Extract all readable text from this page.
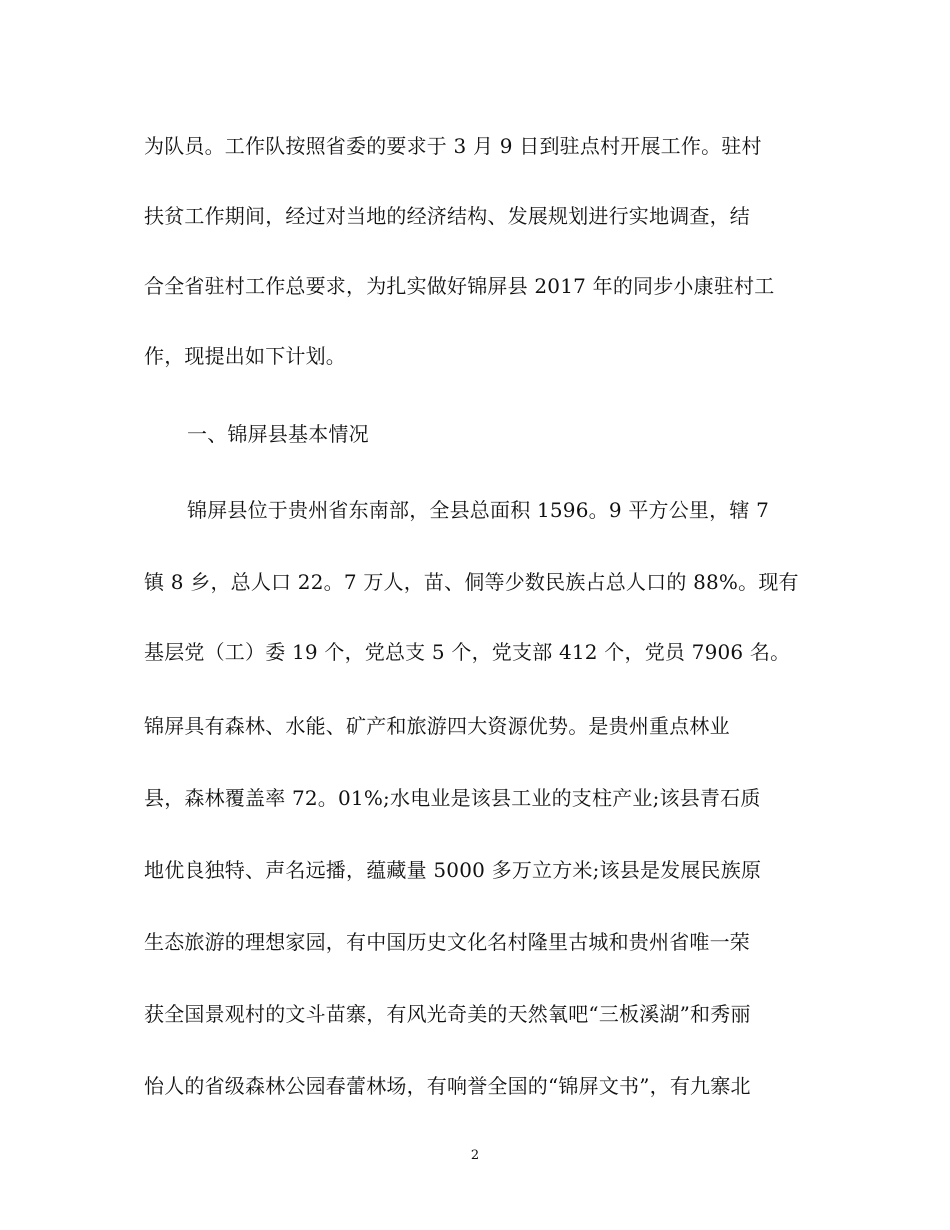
为队员。工作队按照省委的要求于 3 月 9 日到驻点村开展工作。驻村
扶贫工作期间，经过对当地的经济结构、发展规划进行实地调查，结
合全省驻村工作总要求，为扎实做好锦屏县 2017 年的同步小康驻村工
作，现提出如下计划。
一、锦屏县基本情况
锦屏县位于贵州省东南部，全县总面积 1596。9 平方公里，辖 7
镇 8 乡，总人口 22。7 万人，苗、侗等少数民族占总人口的 88%。现有
基层党（工）委 19 个，党总支 5 个，党支部 412 个，党员 7906 名。
锦屏具有森林、水能、矿产和旅游四大资源优势。是贵州重点林业
县，森林覆盖率 72。01%;水电业是该县工业的支柱产业;该县青石质
地优良独特、声名远播，蕴藏量 5000 多万立方米;该县是发展民族原
生态旅游的理想家园，有中国历史文化名村隆里古城和贵州省唯一荣
获全国景观村的文斗苗寨，有风光奇美的天然氧吧“三板溪湖”和秀丽
怡人的省级森林公园春蕾林场，有响誉全国的“锦屏文书”，有九寨北
2
